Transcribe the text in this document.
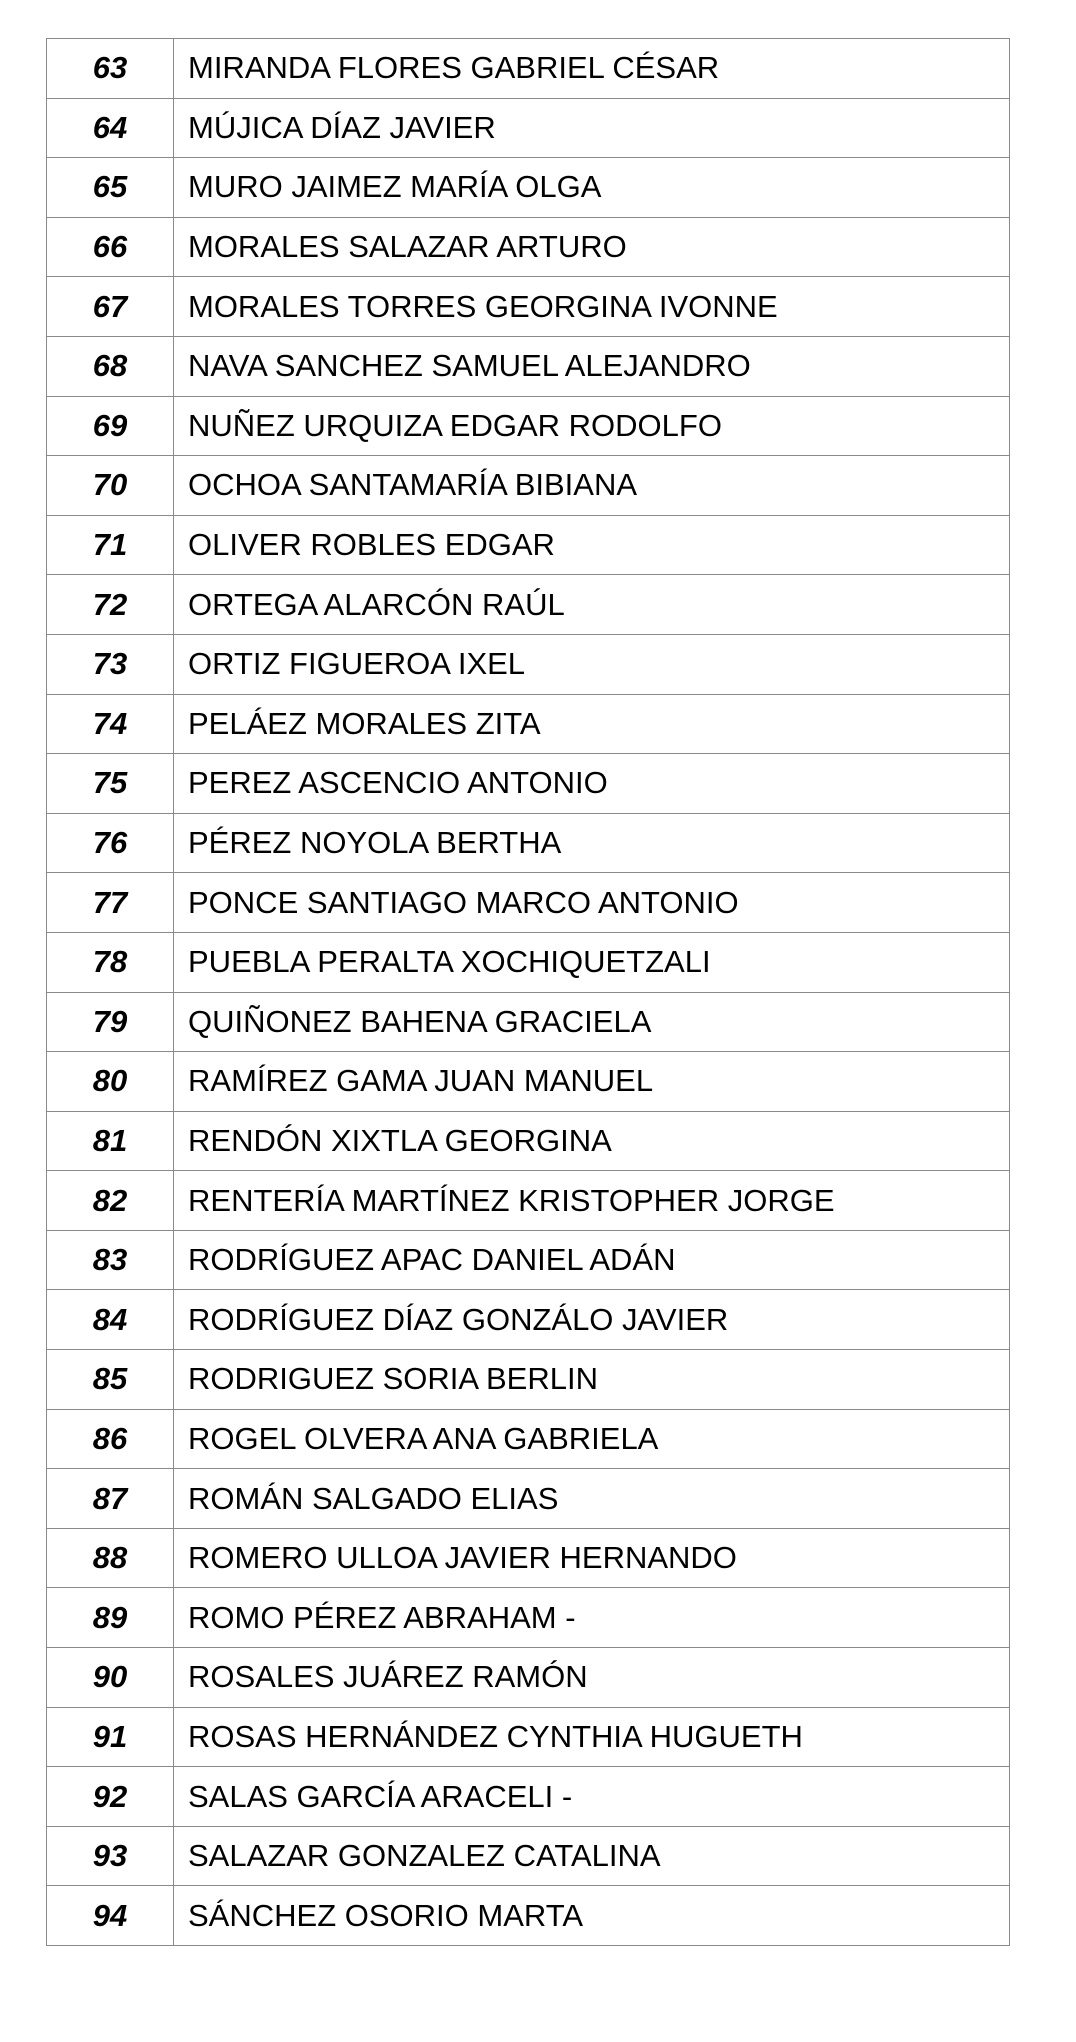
63	MIRANDA FLORES GABRIEL CÉSAR
64	MÚJICA DÍAZ JAVIER
65	MURO JAIMEZ MARÍA OLGA
66	MORALES SALAZAR ARTURO
67	MORALES TORRES GEORGINA IVONNE
68	NAVA SANCHEZ SAMUEL ALEJANDRO
69	NUÑEZ URQUIZA EDGAR RODOLFO
70	OCHOA SANTAMARÍA BIBIANA
71	OLIVER ROBLES EDGAR
72	ORTEGA ALARCÓN RAÚL
73	ORTIZ FIGUEROA IXEL
74	PELÁEZ MORALES ZITA
75	PEREZ ASCENCIO ANTONIO
76	PÉREZ NOYOLA BERTHA
77	PONCE SANTIAGO MARCO ANTONIO
78	PUEBLA PERALTA XOCHIQUETZALI
79	QUIÑONEZ BAHENA GRACIELA
80	RAMÍREZ GAMA JUAN MANUEL
81	RENDÓN XIXTLA GEORGINA
82	RENTERÍA MARTÍNEZ KRISTOPHER JORGE
83	RODRÍGUEZ APAC DANIEL ADÁN
84	RODRÍGUEZ DÍAZ GONZÁLO JAVIER
85	RODRIGUEZ SORIA BERLIN
86	ROGEL OLVERA ANA GABRIELA
87	ROMÁN SALGADO ELIAS
88	ROMERO ULLOA JAVIER HERNANDO
89	ROMO PÉREZ ABRAHAM -
90	ROSALES JUÁREZ RAMÓN
91	ROSAS HERNÁNDEZ CYNTHIA HUGUETH
92	SALAS GARCÍA ARACELI -
93	SALAZAR GONZALEZ CATALINA
94	SÁNCHEZ OSORIO MARTA
